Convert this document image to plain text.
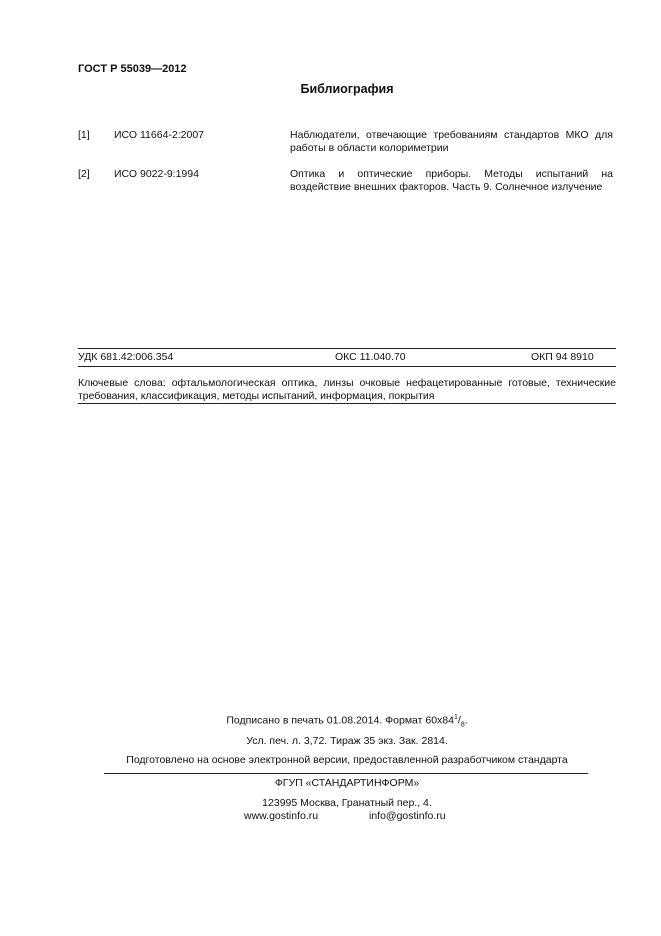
ГОСТ Р 55039—2012
Библиография
[1] ИСО 11664-2:2007	Наблюдатели, отвечающие требованиям стандартов МКО для работы в области колориметрии
[2] ИСО 9022-9:1994	Оптика и оптические приборы. Методы испытаний на воздействие внешних факторов. Часть 9. Солнечное излучение
УДК 681.42:006.354	ОКС 11.040.70	ОКП 94 8910
Ключевые слова: офтальмологическая оптика, линзы очковые нефацетированные готовые, технические требования, классификация, методы испытаний, информация, покрытия
Подписано в печать 01.08.2014. Формат $60x84^1/_8$.
Усл. печ. л. 3,72. Тираж 35 экз. Зак. 2814.
Подготовлено на основе электронной версии, предоставленной разработчиком стандарта
ФГУП «СТАНДАРТИНФОРМ»
123995 Москва, Гранатный пер., 4.
www.gostinfo.ru	info@gostinfo.ru
